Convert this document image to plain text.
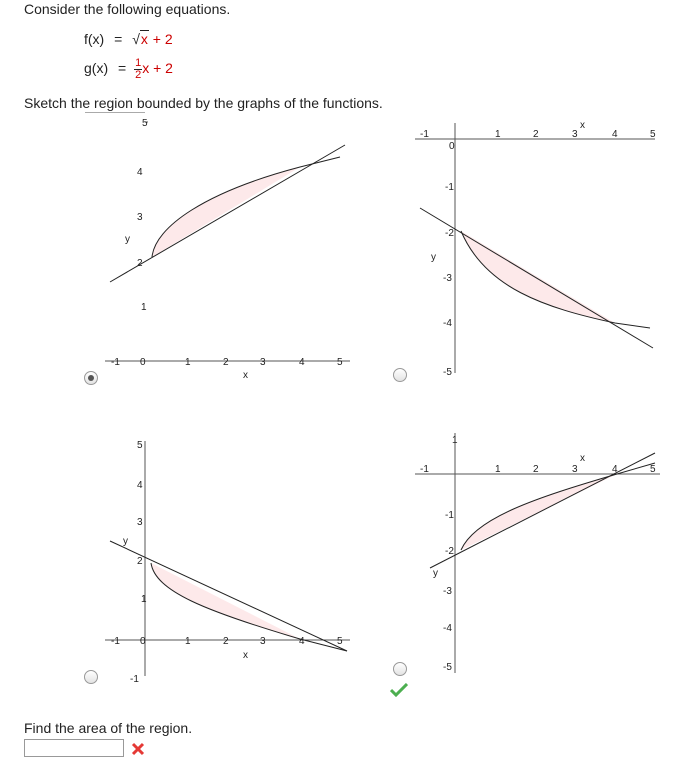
Consider the following equations.
f(x) = √x + 2
$g(x) = \frac{1}{2}$ x + 2
Sketch the region bounded by the graphs of the functions.
5
4
3
2
1
y
-1 0	1	2	3	4	5
x
-1	1	2	3	4	5
x
0
-1
-2
-3
-4
-5
y
5
4
3
2
1
y
-1 0	1	2	3	4	5
x
-1
1
-1	1	2	3	4	5
x
-1
-2
-3
-4
-5
y
Find the area of the region.
